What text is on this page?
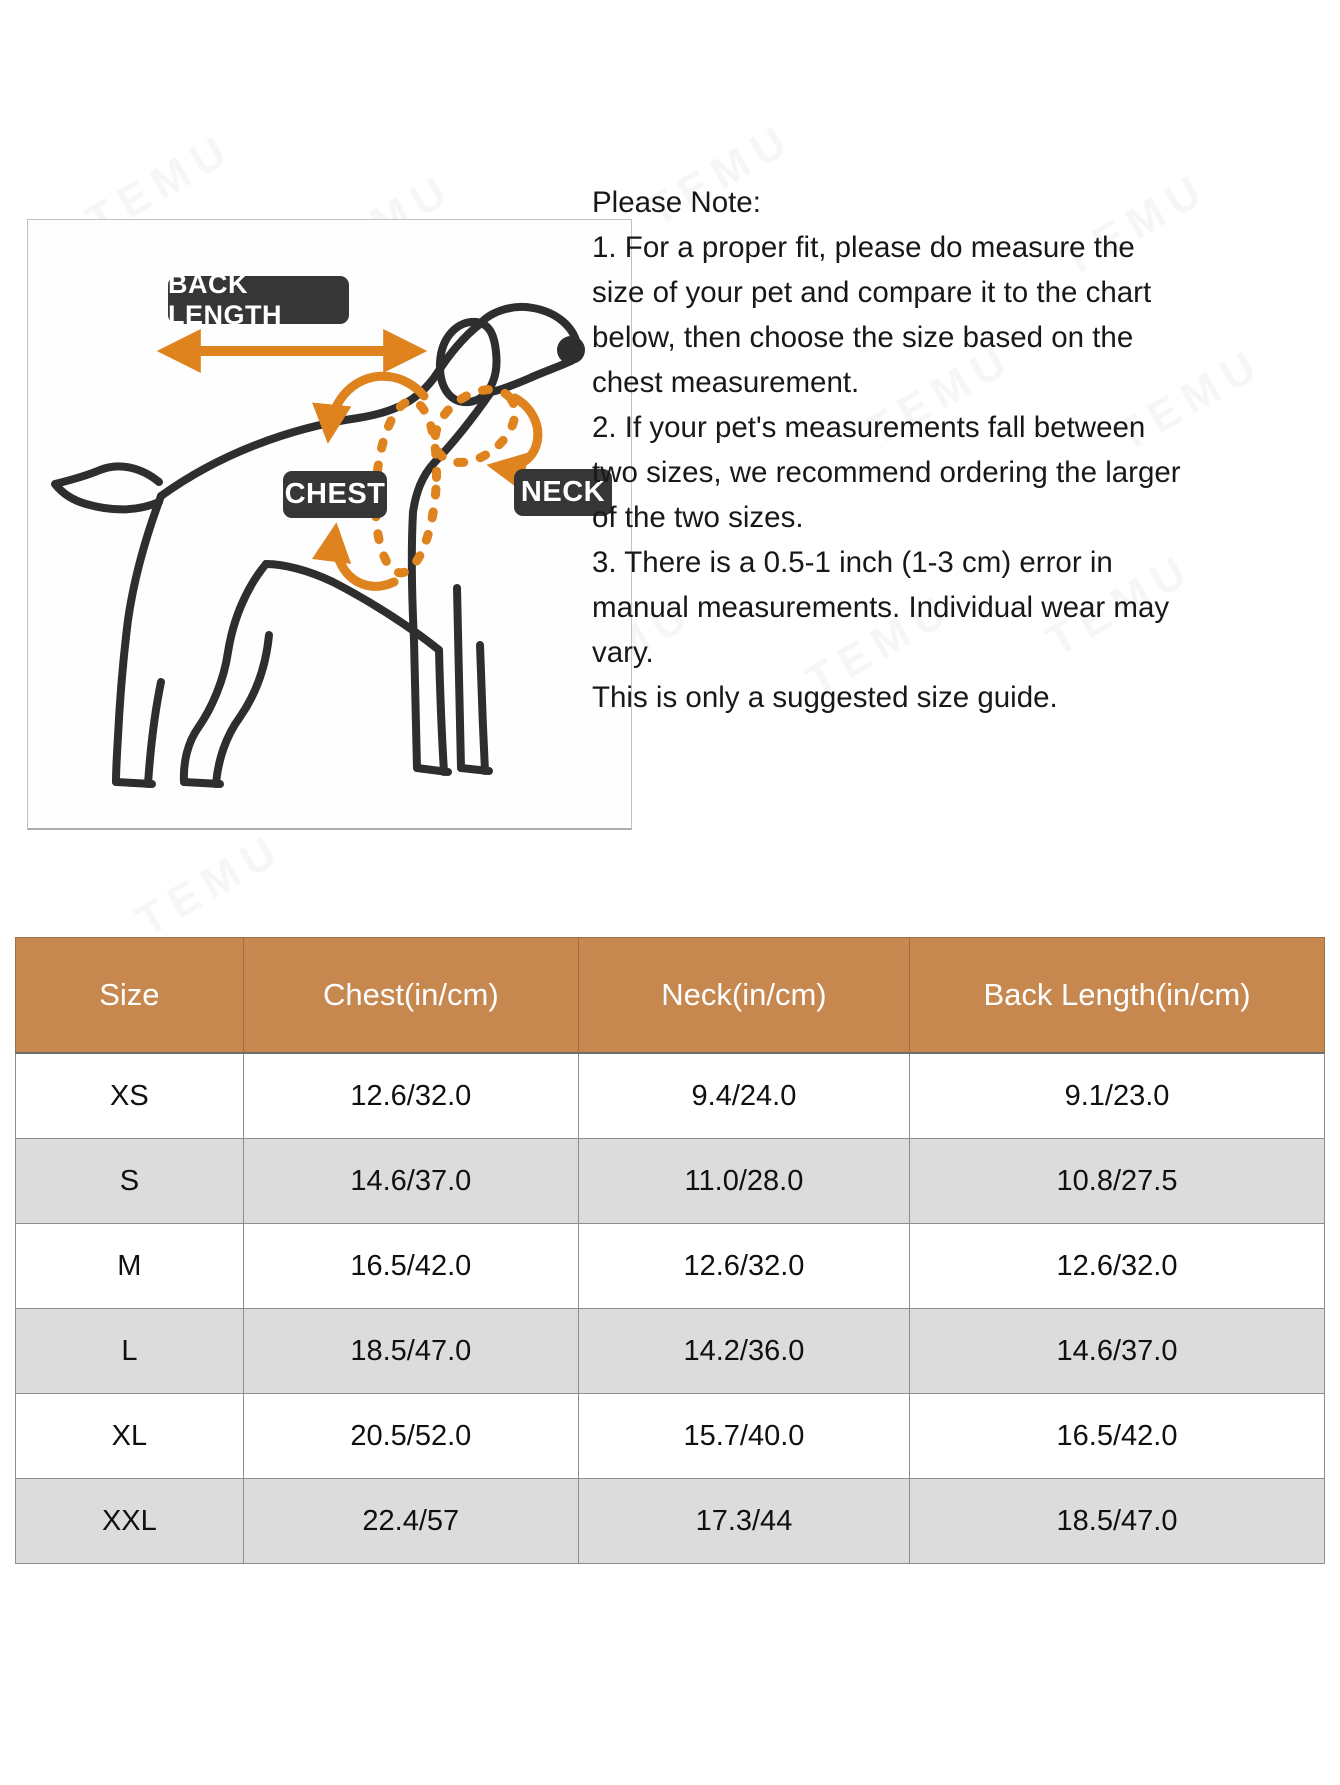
BACK LENGTH
CHEST	NECK

Please Note:

1. For a proper fit, please do measure the size of your pet and compare it to the chart below, then choose the size based on the chest measurement.

2. If your pet's measurements fall between two sizes, we recommend ordering the larger of the two sizes.

3. There is a 0.5-1 inch (1-3 cm) error in manual measurements. Individual wear may vary.

This is only a suggested size guide.

Size	Chest(in/cm)	Neck(in/cm)	Back Length(in/cm)
XS	12.6/32.0	9.4/24.0	9.1/23.0
S	14.6/37.0	11.0/28.0	10.8/27.5
M	16.5/42.0	12.6/32.0	12.6/32.0
L	18.5/47.0	14.2/36.0	14.6/37.0
XL	20.5/52.0	15.7/40.0	16.5/42.0
XXL	22.4/57	17.3/44	18.5/47.0
